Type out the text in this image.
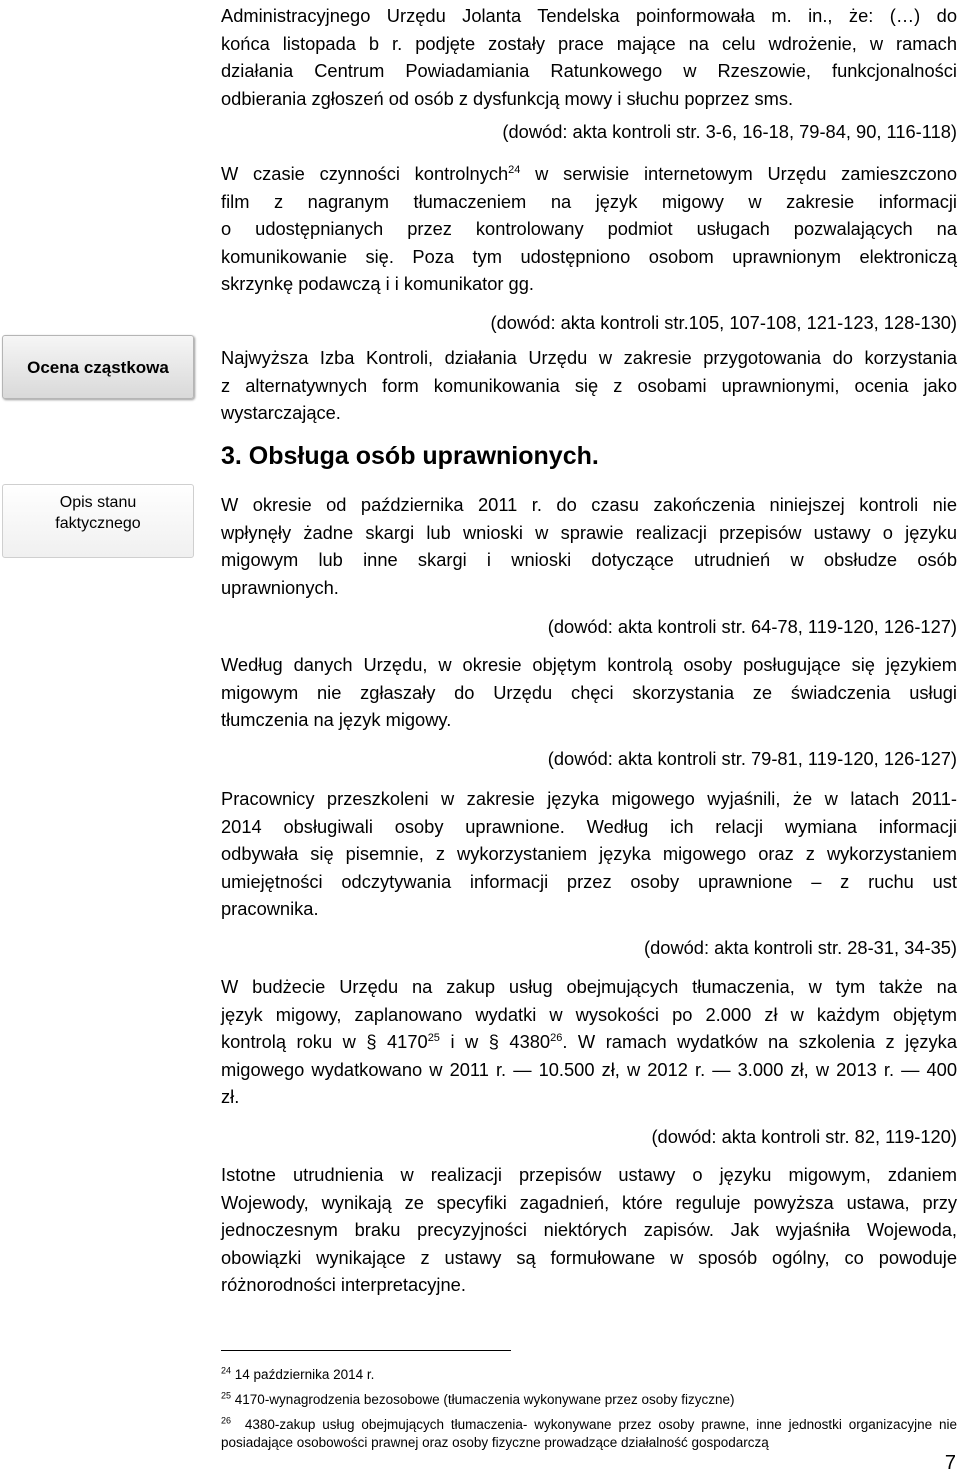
Ocena cząstkowa
Opis stanu
faktycznego
Administracyjnego Urzędu Jolanta Tendelska poinformowała m. in., że: (…) do
końca listopada b r. podjęte zostały prace mające na celu wdrożenie, w ramach
działania Centrum Powiadamiania Ratunkowego w Rzeszowie, funkcjonalności
odbierania zgłoszeń od osób z dysfunkcją mowy i słuchu poprzez sms.
(dowód: akta kontroli str. 3-6, 16-18, 79-84, 90, 116-118)
W czasie czynności kontrolnych$^{24}$ w serwisie internetowym Urzędu zamieszczono
film z nagranym tłumaczeniem na język migowy w zakresie informacji
o udostępnianych przez kontrolowany podmiot usługach pozwalających na
komunikowanie się. Poza tym udostępniono osobom uprawnionym elektroniczą
skrzynkę podawczą i i komunikator gg.
(dowód: akta kontroli str.105, 107-108, 121-123, 128-130)
Najwyższa Izba Kontroli, działania Urzędu w zakresie przygotowania do korzystania
z alternatywnych form komunikowania się z osobami uprawnionymi, ocenia jako
wystarczające.
3. Obsługa osób uprawnionych.
W okresie od października 2011 r. do czasu zakończenia niniejszej kontroli nie
wpłynęły żadne skargi lub wnioski w sprawie realizacji przepisów ustawy o języku
migowym lub inne skargi i wnioski dotyczące utrudnień w obsłudze osób
uprawnionych.
(dowód: akta kontroli str. 64-78, 119-120, 126-127)
Według danych Urzędu, w okresie objętym kontrolą osoby posługujące się językiem
migowym nie zgłaszały do Urzędu chęci skorzystania ze świadczenia usługi
tłumczenia na język migowy.
(dowód: akta kontroli str. 79-81, 119-120, 126-127)
Pracownicy przeszkoleni w zakresie języka migowego wyjaśnili, że w latach 2011-
2014 obsługiwali osoby uprawnione. Według ich relacji wymiana informacji
odbywała się pisemnie, z wykorzystaniem języka migowego oraz z wykorzystaniem
umiejętności odczytywania informacji przez osoby uprawnione – z ruchu ust
pracownika.
(dowód: akta kontroli str. 28-31, 34-35)
W budżecie Urzędu na zakup usług obejmujących tłumaczenia, w tym także na
język migowy, zaplanowano wydatki w wysokości po 2.000 zł w każdym objętym
kontrolą roku w § 4170$^{25}$ i w § 4380$^{26}$. W ramach wydatków na szkolenia z języka
migowego wydatkowano w 2011 r. — 10.500 zł, w 2012 r. — 3.000 zł, w 2013 r. — 400
zł.
(dowód: akta kontroli str. 82, 119-120)
Istotne utrudnienia w realizacji przepisów ustawy o języku migowym, zdaniem
Wojewody, wynikają ze specyfiki zagadnień, które reguluje powyższa ustawa, przy
jednoczesnym braku precyzyjności niektórych zapisów. Jak wyjaśniła Wojewoda,
obowiązki wynikające z ustawy są formułowane w sposób ogólny, co powoduje
różnorodności interpretacyjne.
$^{24}$ 14 października 2014 r.
$^{25}$ 4170-wynagrodzenia bezosobowe (tłumaczenia wykonywane przez osoby fizyczne)
$^{26}$ 4380-zakup usług obejmujących tłumaczenia- wykonywane przez osoby prawne, inne jednostki organizacyjne nie
posiadające osobowości prawnej oraz osoby fizyczne prowadzące działalność gospodarczą
7
